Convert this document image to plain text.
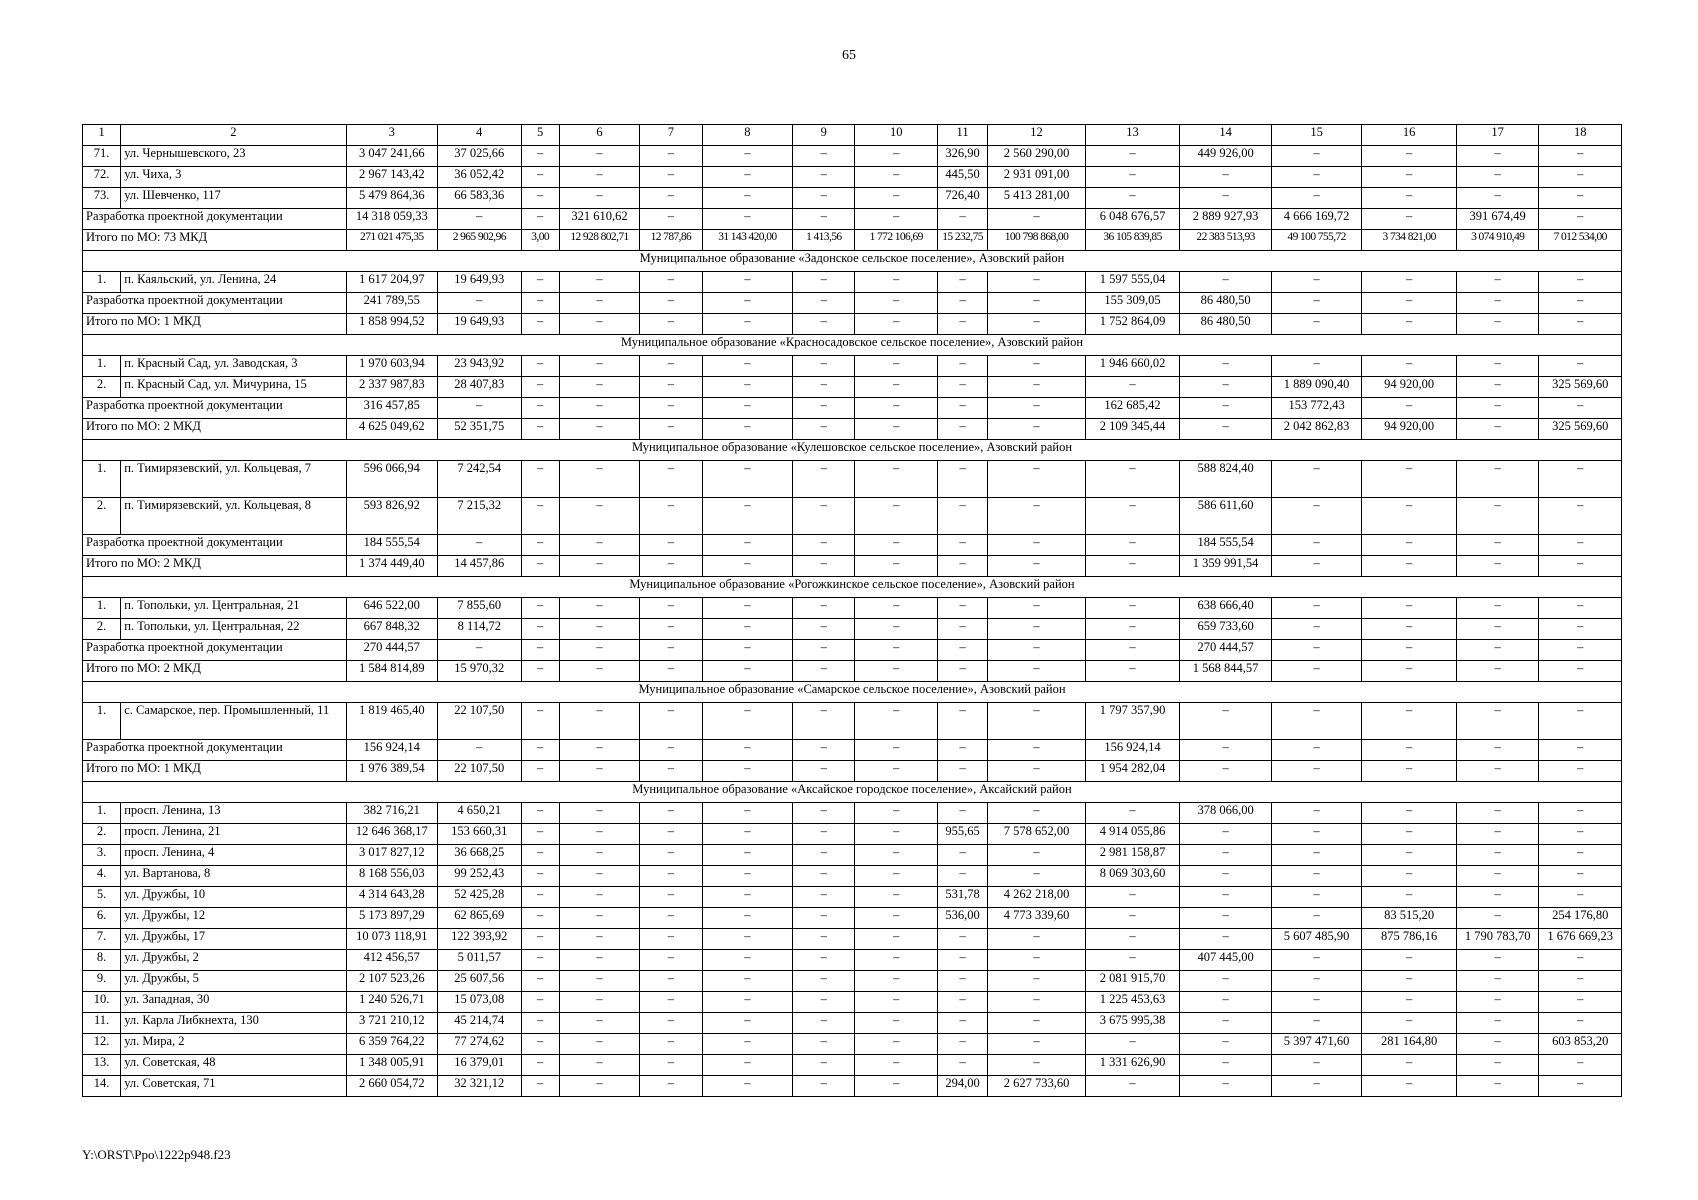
65
1	2	3	4	5	6	7	8	9	10	11	12	13	14	15	16	17	18
71.	ул. Чернышевского, 23	3 047 241,66	37 025,66	–	–	–	–	–	–	326,90	2 560 290,00	–	449 926,00	–	–	–	–
72.	ул. Чиха, 3	2 967 143,42	36 052,42	–	–	–	–	–	–	445,50	2 931 091,00	–	–	–	–	–	–
73.	ул. Шевченко, 117	5 479 864,36	66 583,36	–	–	–	–	–	–	726,40	5 413 281,00	–	–	–	–	–	–
Разработка проектной документации		14 318 059,33	–	–	321 610,62	–	–	–	–	–	–	6 048 676,57	2 889 927,93	4 666 169,72	–	391 674,49	–
Итого по МО: 73 МКД		271 021 475,35	2 965 902,96	3,00	12 928 802,71	12 787,86	31 143 420,00	1 413,56	1 772 106,69	15 232,75	100 798 868,00	36 105 839,85	22 383 513,93	49 100 755,72	3 734 821,00	3 074 910,49	7 012 534,00
Муниципальное образование «Задонское сельское поселение», Азовский район																	
1.	п. Каяльский, ул. Ленина, 24	1 617 204,97	19 649,93	–	–	–	–	–	–	–	–	1 597 555,04	–	–	–	–	–
Разработка проектной документации		241 789,55	–	–	–	–	–	–	–	–	–	155 309,05	86 480,50	–	–	–	–
Итого по МО: 1 МКД		1 858 994,52	19 649,93	–	–	–	–	–	–	–	–	1 752 864,09	86 480,50	–	–	–	–
Муниципальное образование «Красносадовское сельское поселение», Азовский район																	
1.	п. Красный Сад, ул. Заводская, 3	1 970 603,94	23 943,92	–	–	–	–	–	–	–	–	1 946 660,02	–	–	–	–	–
2.	п. Красный Сад, ул. Мичурина, 15	2 337 987,83	28 407,83	–	–	–	–	–	–	–	–	–	–	1 889 090,40	94 920,00	–	325 569,60
Разработка проектной документации		316 457,85	–	–	–	–	–	–	–	–	–	162 685,42	–	153 772,43	–	–	–
Итого по МО: 2 МКД		4 625 049,62	52 351,75	–	–	–	–	–	–	–	–	2 109 345,44	–	2 042 862,83	94 920,00	–	325 569,60
Муниципальное образование «Кулешовское сельское поселение», Азовский район																	
1.	п. Тимирязевский, ул. Кольцевая, 7	596 066,94	7 242,54	–	–	–	–	–	–	–	–	–	588 824,40	–	–	–	–
2.	п. Тимирязевский, ул. Кольцевая, 8	593 826,92	7 215,32	–	–	–	–	–	–	–	–	–	586 611,60	–	–	–	–
Разработка проектной документации		184 555,54	–	–	–	–	–	–	–	–	–	–	184 555,54	–	–	–	–
Итого по МО: 2 МКД		1 374 449,40	14 457,86	–	–	–	–	–	–	–	–	–	1 359 991,54	–	–	–	–
Муниципальное образование «Рогожкинское сельское поселение», Азовский район																	
1.	п. Топольки, ул. Центральная, 21	646 522,00	7 855,60	–	–	–	–	–	–	–	–	–	638 666,40	–	–	–	–
2.	п. Топольки, ул. Центральная, 22	667 848,32	8 114,72	–	–	–	–	–	–	–	–	–	659 733,60	–	–	–	–
Разработка проектной документации		270 444,57	–	–	–	–	–	–	–	–	–	–	270 444,57	–	–	–	–
Итого по МО: 2 МКД		1 584 814,89	15 970,32	–	–	–	–	–	–	–	–	–	1 568 844,57	–	–	–	–
Муниципальное образование «Самарское сельское поселение», Азовский район																	
1.	с. Самарское, пер. Промышленный, 11	1 819 465,40	22 107,50	–	–	–	–	–	–	–	–	1 797 357,90	–	–	–	–	–
Разработка проектной документации		156 924,14	–	–	–	–	–	–	–	–	–	156 924,14	–	–	–	–	–
Итого по МО: 1 МКД		1 976 389,54	22 107,50	–	–	–	–	–	–	–	–	1 954 282,04	–	–	–	–	–
Муниципальное образование «Аксайское городское поселение», Аксайский район																	
1.	просп. Ленина, 13	382 716,21	4 650,21	–	–	–	–	–	–	–	–	–	378 066,00	–	–	–	–
2.	просп. Ленина, 21	12 646 368,17	153 660,31	–	–	–	–	–	–	955,65	7 578 652,00	4 914 055,86	–	–	–	–	–
3.	просп. Ленина, 4	3 017 827,12	36 668,25	–	–	–	–	–	–	–	–	2 981 158,87	–	–	–	–	–
4.	ул. Вартанова, 8	8 168 556,03	99 252,43	–	–	–	–	–	–	–	–	8 069 303,60	–	–	–	–	–
5.	ул. Дружбы, 10	4 314 643,28	52 425,28	–	–	–	–	–	–	531,78	4 262 218,00	–	–	–	–	–	–
6.	ул. Дружбы, 12	5 173 897,29	62 865,69	–	–	–	–	–	–	536,00	4 773 339,60	–	–	–	83 515,20	–	254 176,80
7.	ул. Дружбы, 17	10 073 118,91	122 393,92	–	–	–	–	–	–	–	–	–	–	5 607 485,90	875 786,16	1 790 783,70	1 676 669,23
8.	ул. Дружбы, 2	412 456,57	5 011,57	–	–	–	–	–	–	–	–	–	407 445,00	–	–	–	–
9.	ул. Дружбы, 5	2 107 523,26	25 607,56	–	–	–	–	–	–	–	–	2 081 915,70	–	–	–	–	–
10.	ул. Западная, 30	1 240 526,71	15 073,08	–	–	–	–	–	–	–	–	1 225 453,63	–	–	–	–	–
11.	ул. Карла Либкнехта, 130	3 721 210,12	45 214,74	–	–	–	–	–	–	–	–	3 675 995,38	–	–	–	–	–
12.	ул. Мира, 2	6 359 764,22	77 274,62	–	–	–	–	–	–	–	–	–	–	5 397 471,60	281 164,80	–	603 853,20
13.	ул. Советская, 48	1 348 005,91	16 379,01	–	–	–	–	–	–	–	–	1 331 626,90	–	–	–	–	–
14.	ул. Советская, 71	2 660 054,72	32 321,12	–	–	–	–	–	–	294,00	2 627 733,60	–	–	–	–	–	–
Y:\ORST\Рро\1222p948.f23
